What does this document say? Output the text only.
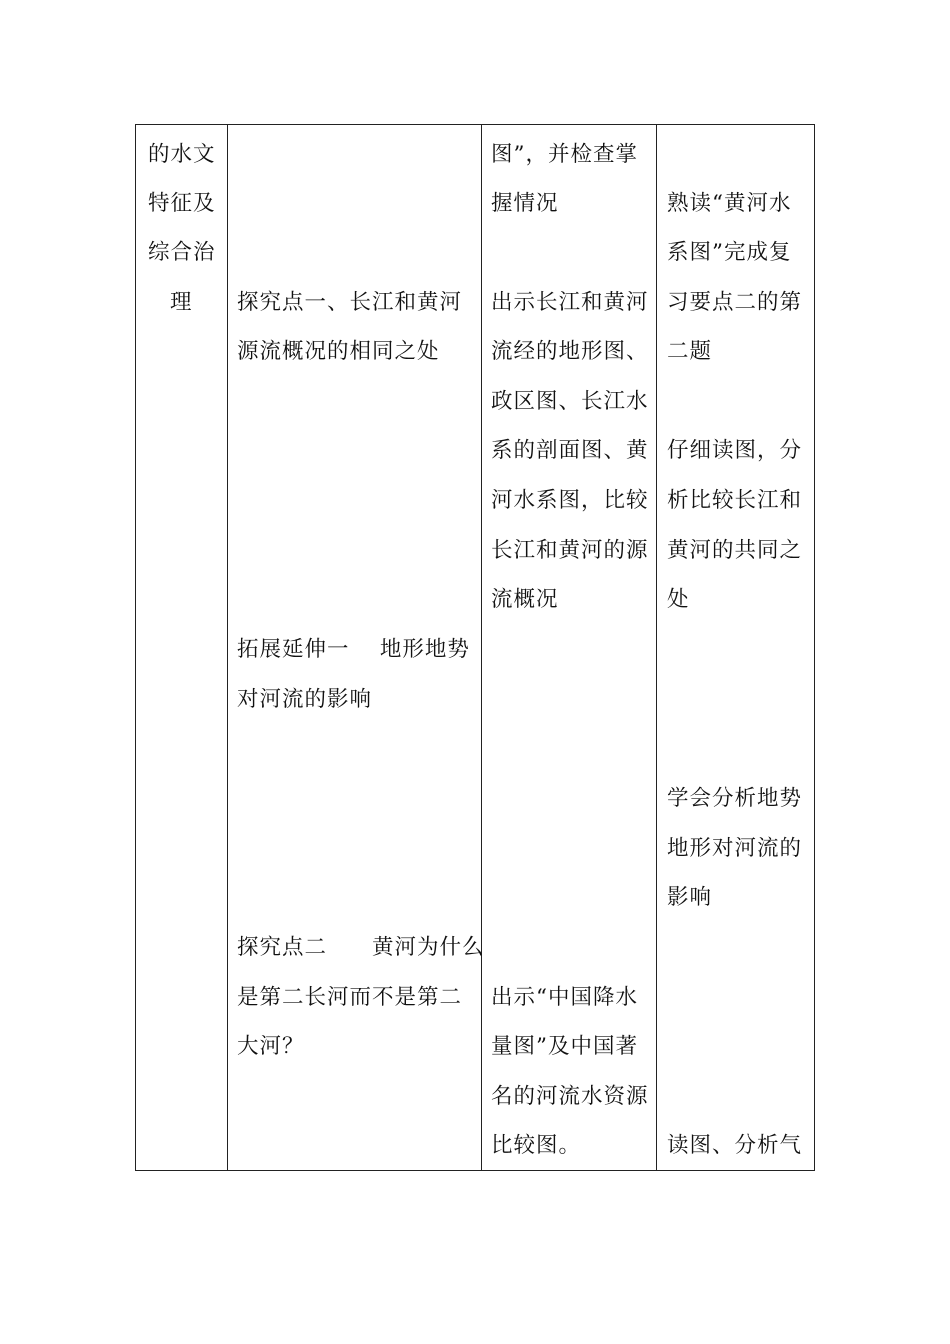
的水文
特征及
综合治
理 探究点一、长江和黄河
源流概况的相同之处
拓展延伸一　 地形地势
对河流的影响
探究点二　　黄河为什么
是第二长河而不是第二
大河？
图”，并检查掌
握情况
出示长江和黄河
流经的地形图、
政区图、长江水
系的剖面图、黄
河水系图，比较
长江和黄河的源
流概况
出示“中国降水
量图”及中国著
名的河流水资源
比较图。
熟读“黄河水
系图”完成复
习要点二的第
二题
仔细读图，分
析比较长江和
黄河的共同之
处
学会分析地势
地形对河流的
影响
读图、分析气
